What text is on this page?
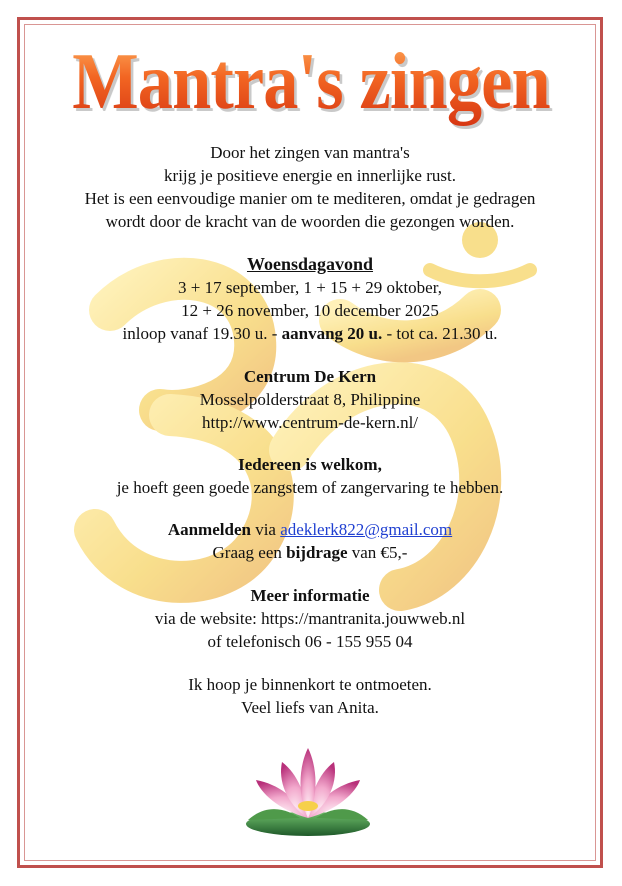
Mantra's zingen

Door het zingen van mantra's

krijg je positieve energie en innerlijke rust.

Het is een eenvoudige manier om te mediteren, omdat je gedragen

wordt door de kracht van de woorden die gezongen worden.

Woensdagavond

3 + 17 september, 1 + 15 + 29 oktober,

12 + 26 november, 10 december 2025

inloop vanaf 19.30 u. - aanvang 20 u. - tot ca. 21.30 u.

Centrum De Kern

Mosselpolderstraat 8, Philippine

http://www.centrum-de-kern.nl/

Iedereen is welkom,

je hoeft geen goede zangstem of zangervaring te hebben.

Aanmelden via adeklerk822@gmail.com

Graag een bijdrage van €5,-

Meer informatie

via de website: https://mantranita.jouwweb.nl

of telefonisch 06 - 155 955 04

Ik hoop je binnenkort te ontmoeten.

Veel liefs van Anita.
